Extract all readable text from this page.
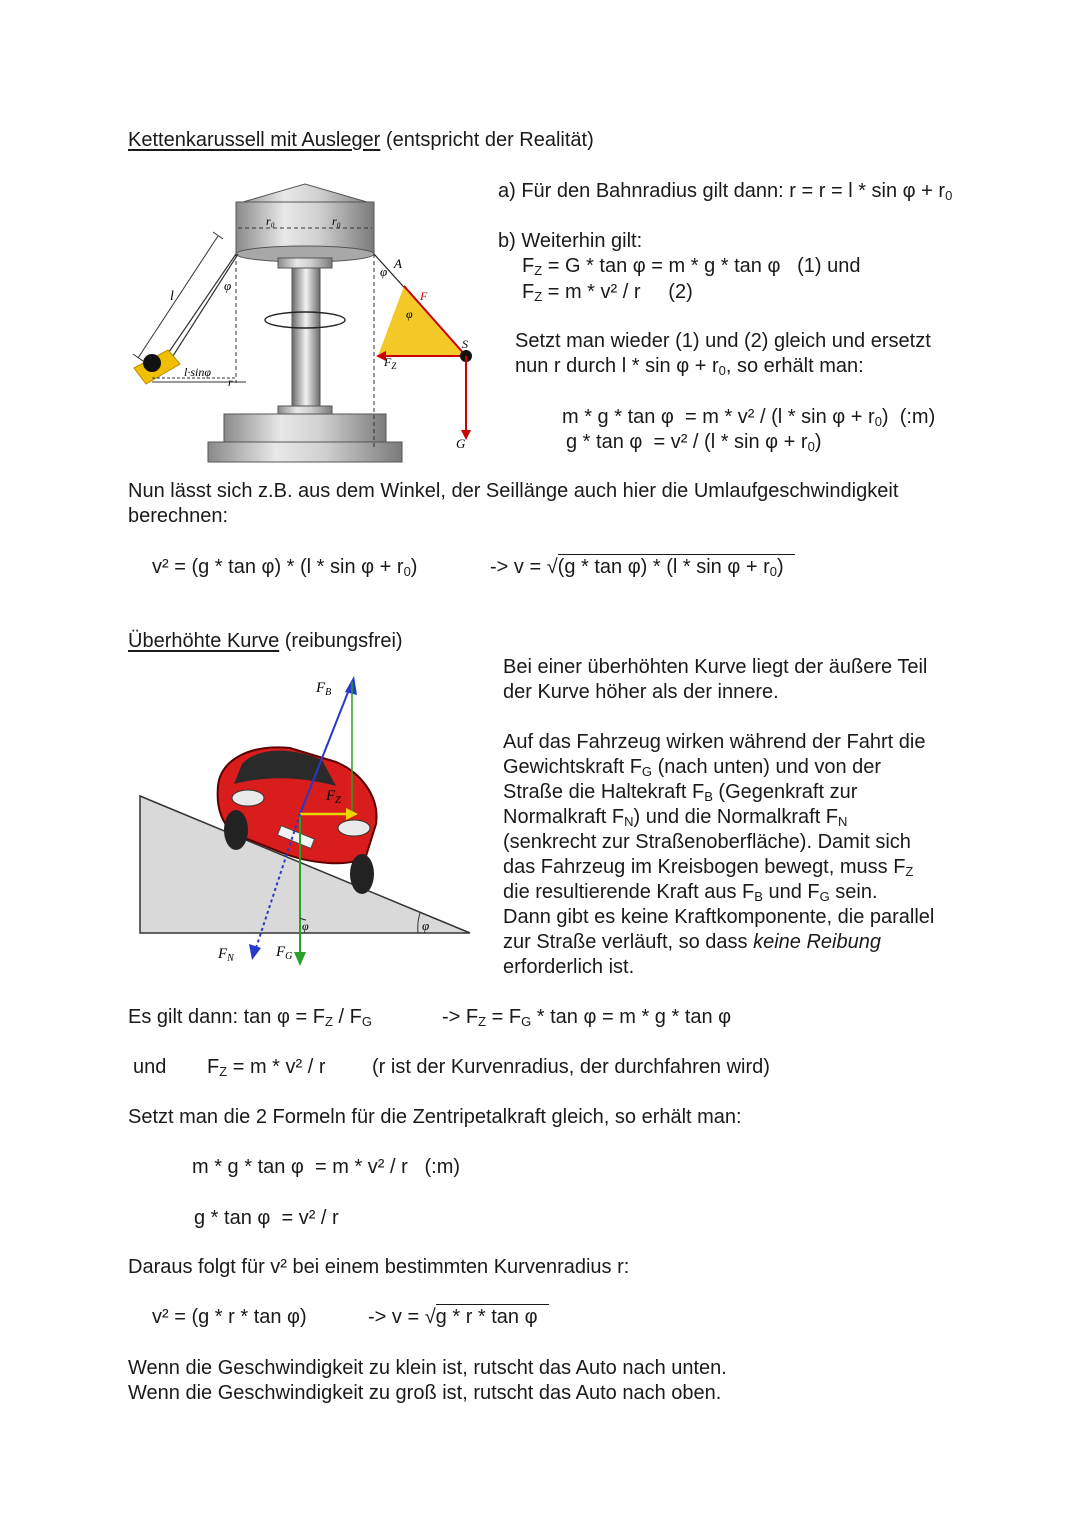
Kettenkarussell mit Ausleger (entspricht der Realität)
r₀	r₀
l
φ
l·sinφ
r
φ
A
F
φ
$F_Z$
S
G
a) Für den Bahnradius gilt dann: $r = r = l * \sin \varphi + r_0$
b) Weiterhin gilt:
$F_Z = G * \tan \varphi = m * g * \tan \varphi$   (1) und
$F_Z = m * v^2 / r$     (2)
Setzt man wieder (1) und (2) gleich und ersetzt
nun r durch $l * \sin \varphi + r_0$, so erhält man:
$m * g * \tan \varphi = m * v^2 / (l * \sin \varphi + r_0)$  (:m)
$g * \tan \varphi = v^2 / (l * \sin \varphi + r_0)$
Nun lässt sich z.B. aus dem Winkel, der Seillänge auch hier die Umlaufgeschwindigkeit
berechnen:
$v^2 = (g * \tan \varphi) * (l * \sin \varphi + r_0)$	-> $v = √(g * \tan \varphi) * (l * \sin \varphi + r_0)$
Überhöhte Kurve (reibungsfrei)
φ
$F_B$
$F_G$
$F_Z$
$F_N$
φ
Bei einer überhöhten Kurve liegt der äußere Teil
der Kurve höher als der innere.
Auf das Fahrzeug wirken während der Fahrt die
Gewichtskraft $F_G$ (nach unten) und von der
Straße die Haltekraft $F_B$ (Gegenkraft zur
Normalkraft $F_N$) und die Normalkraft $F_N$
(senkrecht zur Straßenoberfläche). Damit sich
das Fahrzeug im Kreisbogen bewegt, muss $F_Z$
die resultierende Kraft aus $F_B$ und $F_G$ sein.
Dann gibt es keine Kraftkomponente, die parallel
zur Straße verläuft, so dass keine Reibung
erforderlich ist.
Es gilt dann: $\tan \varphi = F_Z / F_G$	-> $F_Z = F_G * \tan \varphi = m * g * \tan \varphi$
und $F_Z = m * v^2 / r$ (r ist der Kurvenradius, der durchfahren wird)
Setzt man die 2 Formeln für die Zentripetalkraft gleich, so erhält man:
m * g * tan φ  = m * v² / r   (:m)
g * tan φ  = v² / r
Daraus folgt für v² bei einem bestimmten Kurvenradius r:
v² = (g * r * tan φ)	-> v = √g * r * tan φ
Wenn die Geschwindigkeit zu klein ist, rutscht das Auto nach unten.
Wenn die Geschwindigkeit zu groß ist, rutscht das Auto nach oben.
